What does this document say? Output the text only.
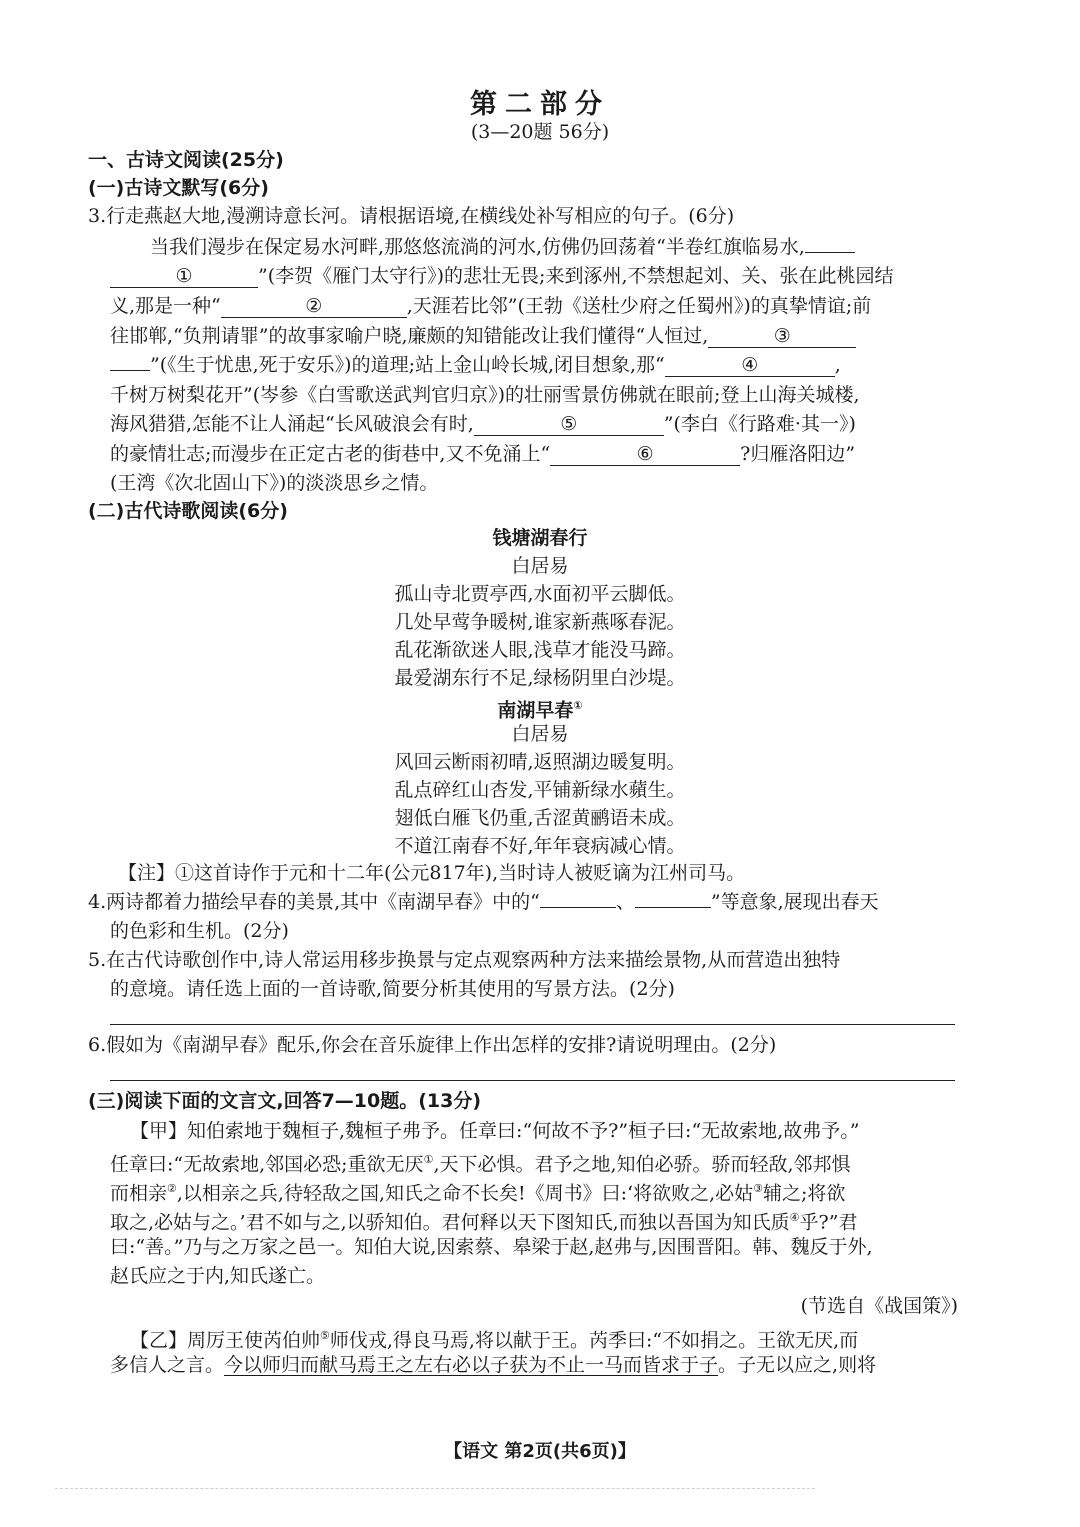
第二部分
(3—20题 56分)
一、古诗文阅读(25分)
(一)古诗文默写(6分)
3.行走燕赵大地,漫溯诗意长河。请根据语境,在横线处补写相应的句子。(6分)
当我们漫步在保定易水河畔,那悠悠流淌的河水,仿佛仍回荡着“半卷红旗临易水,
①	”(李贺《雁门太守行》)的悲壮无畏;来到涿州,不禁想起刘、关、张在此桃园结
义,那是一种“	②	,天涯若比邻”(王勃《送杜少府之任蜀州》)的真挚情谊;前
往邯郸,“负荆请罪”的故事家喻户晓,廉颇的知错能改让我们懂得“人恒过,	③
”(《生于忧患,死于安乐》)的道理;站上金山岭长城,闭目想象,那“	④	,
千树万树梨花开”(岑参《白雪歌送武判官归京》)的壮丽雪景仿佛就在眼前;登上山海关城楼,
海风猎猎,怎能不让人涌起“长风破浪会有时,	⑤	”(李白《行路难·其一》)
的豪情壮志;而漫步在正定古老的街巷中,又不免涌上“	⑥	?归雁洛阳边”
(王湾《次北固山下》)的淡淡思乡之情。
(二)古代诗歌阅读(6分)
钱塘湖春行
白居易
孤山寺北贾亭西,水面初平云脚低。
几处早莺争暖树,谁家新燕啄春泥。
乱花渐欲迷人眼,浅草才能没马蹄。
最爱湖东行不足,绿杨阴里白沙堤。
南湖早春①
白居易
风回云断雨初晴,返照湖边暖复明。
乱点碎红山杏发,平铺新绿水蘋生。
翅低白雁飞仍重,舌涩黄鹂语未成。
不道江南春不好,年年衰病减心情。
【注】①这首诗作于元和十二年(公元817年),当时诗人被贬谪为江州司马。
4.两诗都着力描绘早春的美景,其中《南湖早春》中的“	、	”等意象,展现出春天
的色彩和生机。(2分)
5.在古代诗歌创作中,诗人常运用移步换景与定点观察两种方法来描绘景物,从而营造出独特
的意境。请任选上面的一首诗歌,简要分析其使用的写景方法。(2分)
6.假如为《南湖早春》配乐,你会在音乐旋律上作出怎样的安排?请说明理由。(2分)
(三)阅读下面的文言文,回答7—10题。(13分)
【甲】知伯索地于魏桓子,魏桓子弗予。任章曰:“何故不予?”桓子曰:“无故索地,故弗予。”
任章曰:“无故索地,邻国必恐;重欲无厌①,天下必惧。君予之地,知伯必骄。骄而轻敌,邻邦惧
而相亲②,以相亲之兵,待轻敌之国,知氏之命不长矣!《周书》曰:‘将欲败之,必姑③辅之;将欲
取之,必姑与之。’君不如与之,以骄知伯。君何释以天下图知氏,而独以吾国为知氏质④乎?”君
曰:“善。”乃与之万家之邑一。知伯大说,因索蔡、皋梁于赵,赵弗与,因围晋阳。韩、魏反于外,
赵氏应之于内,知氏遂亡。
(节选自《战国策》)
【乙】周厉王使芮伯帅⑤师伐戎,得良马焉,将以献于王。芮季曰:“不如捐之。王欲无厌,而
多信人之言。今以师归而献马焉王之左右必以子获为不止一马而皆求于子。子无以应之,则将
【语文 第2页(共6页)】
